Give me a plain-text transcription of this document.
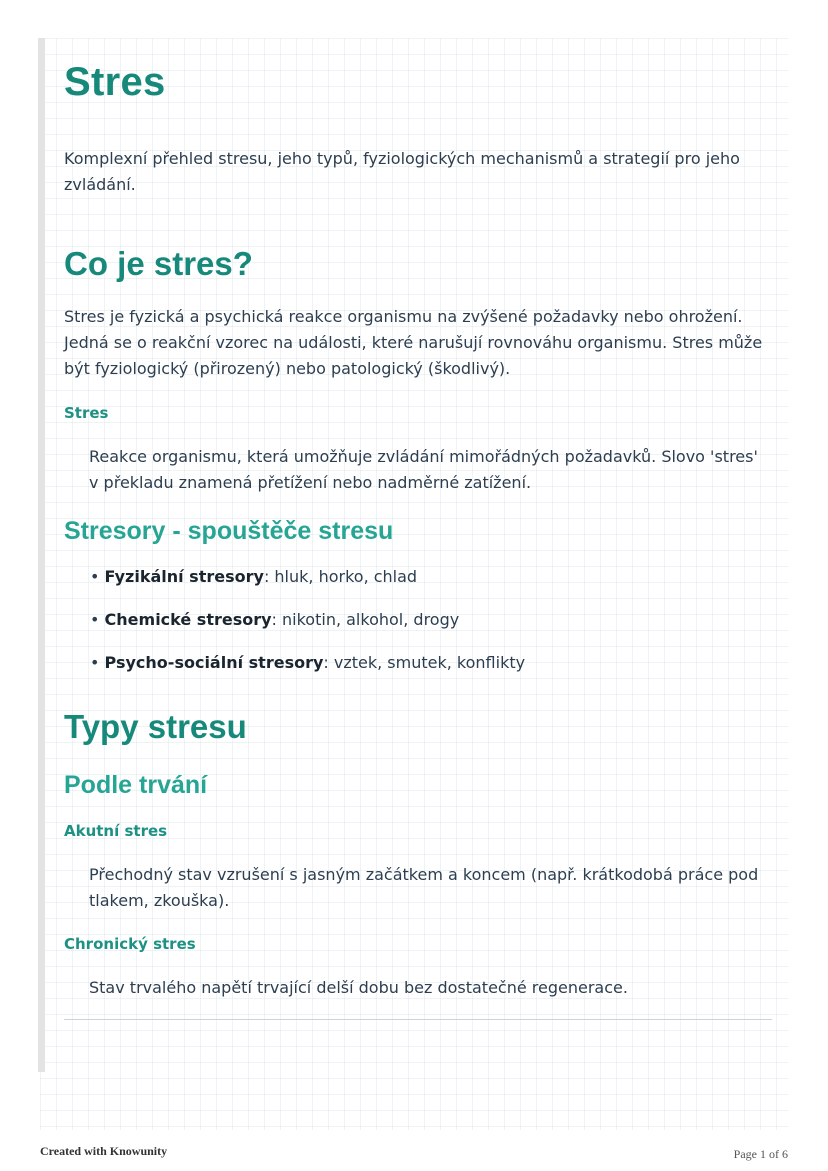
Stres

Komplexní přehled stresu, jeho typů, fyziologických mechanismů a strategií pro jeho zvládání.

Co je stres?

Stres je fyzická a psychická reakce organismu na zvýšené požadavky nebo ohrožení. Jedná se o reakční vzorec na události, které narušují rovnováhu organismu. Stres může být fyziologický (přirozený) nebo patologický (škodlivý).

Stres

Reakce organismu, která umožňuje zvládání mimořádných požadavků. Slovo 'stres' v překladu znamená přetížení nebo nadměrné zatížení.

Stresory - spouštěče stresu
• Fyzikální stresory: hluk, horko, chlad
• Chemické stresory: nikotin, alkohol, drogy
• Psycho-sociální stresory: vztek, smutek, konflikty
Typy stresu
Podle trvání
Akutní stres

Přechodný stav vzrušení s jasným začátkem a koncem (např. krátkodobá práce pod tlakem, zkouška).

Chronický stres

Stav trvalého napětí trvající delší dobu bez dostatečné regenerace.

Created with Knowunity	Page 1 of 6
